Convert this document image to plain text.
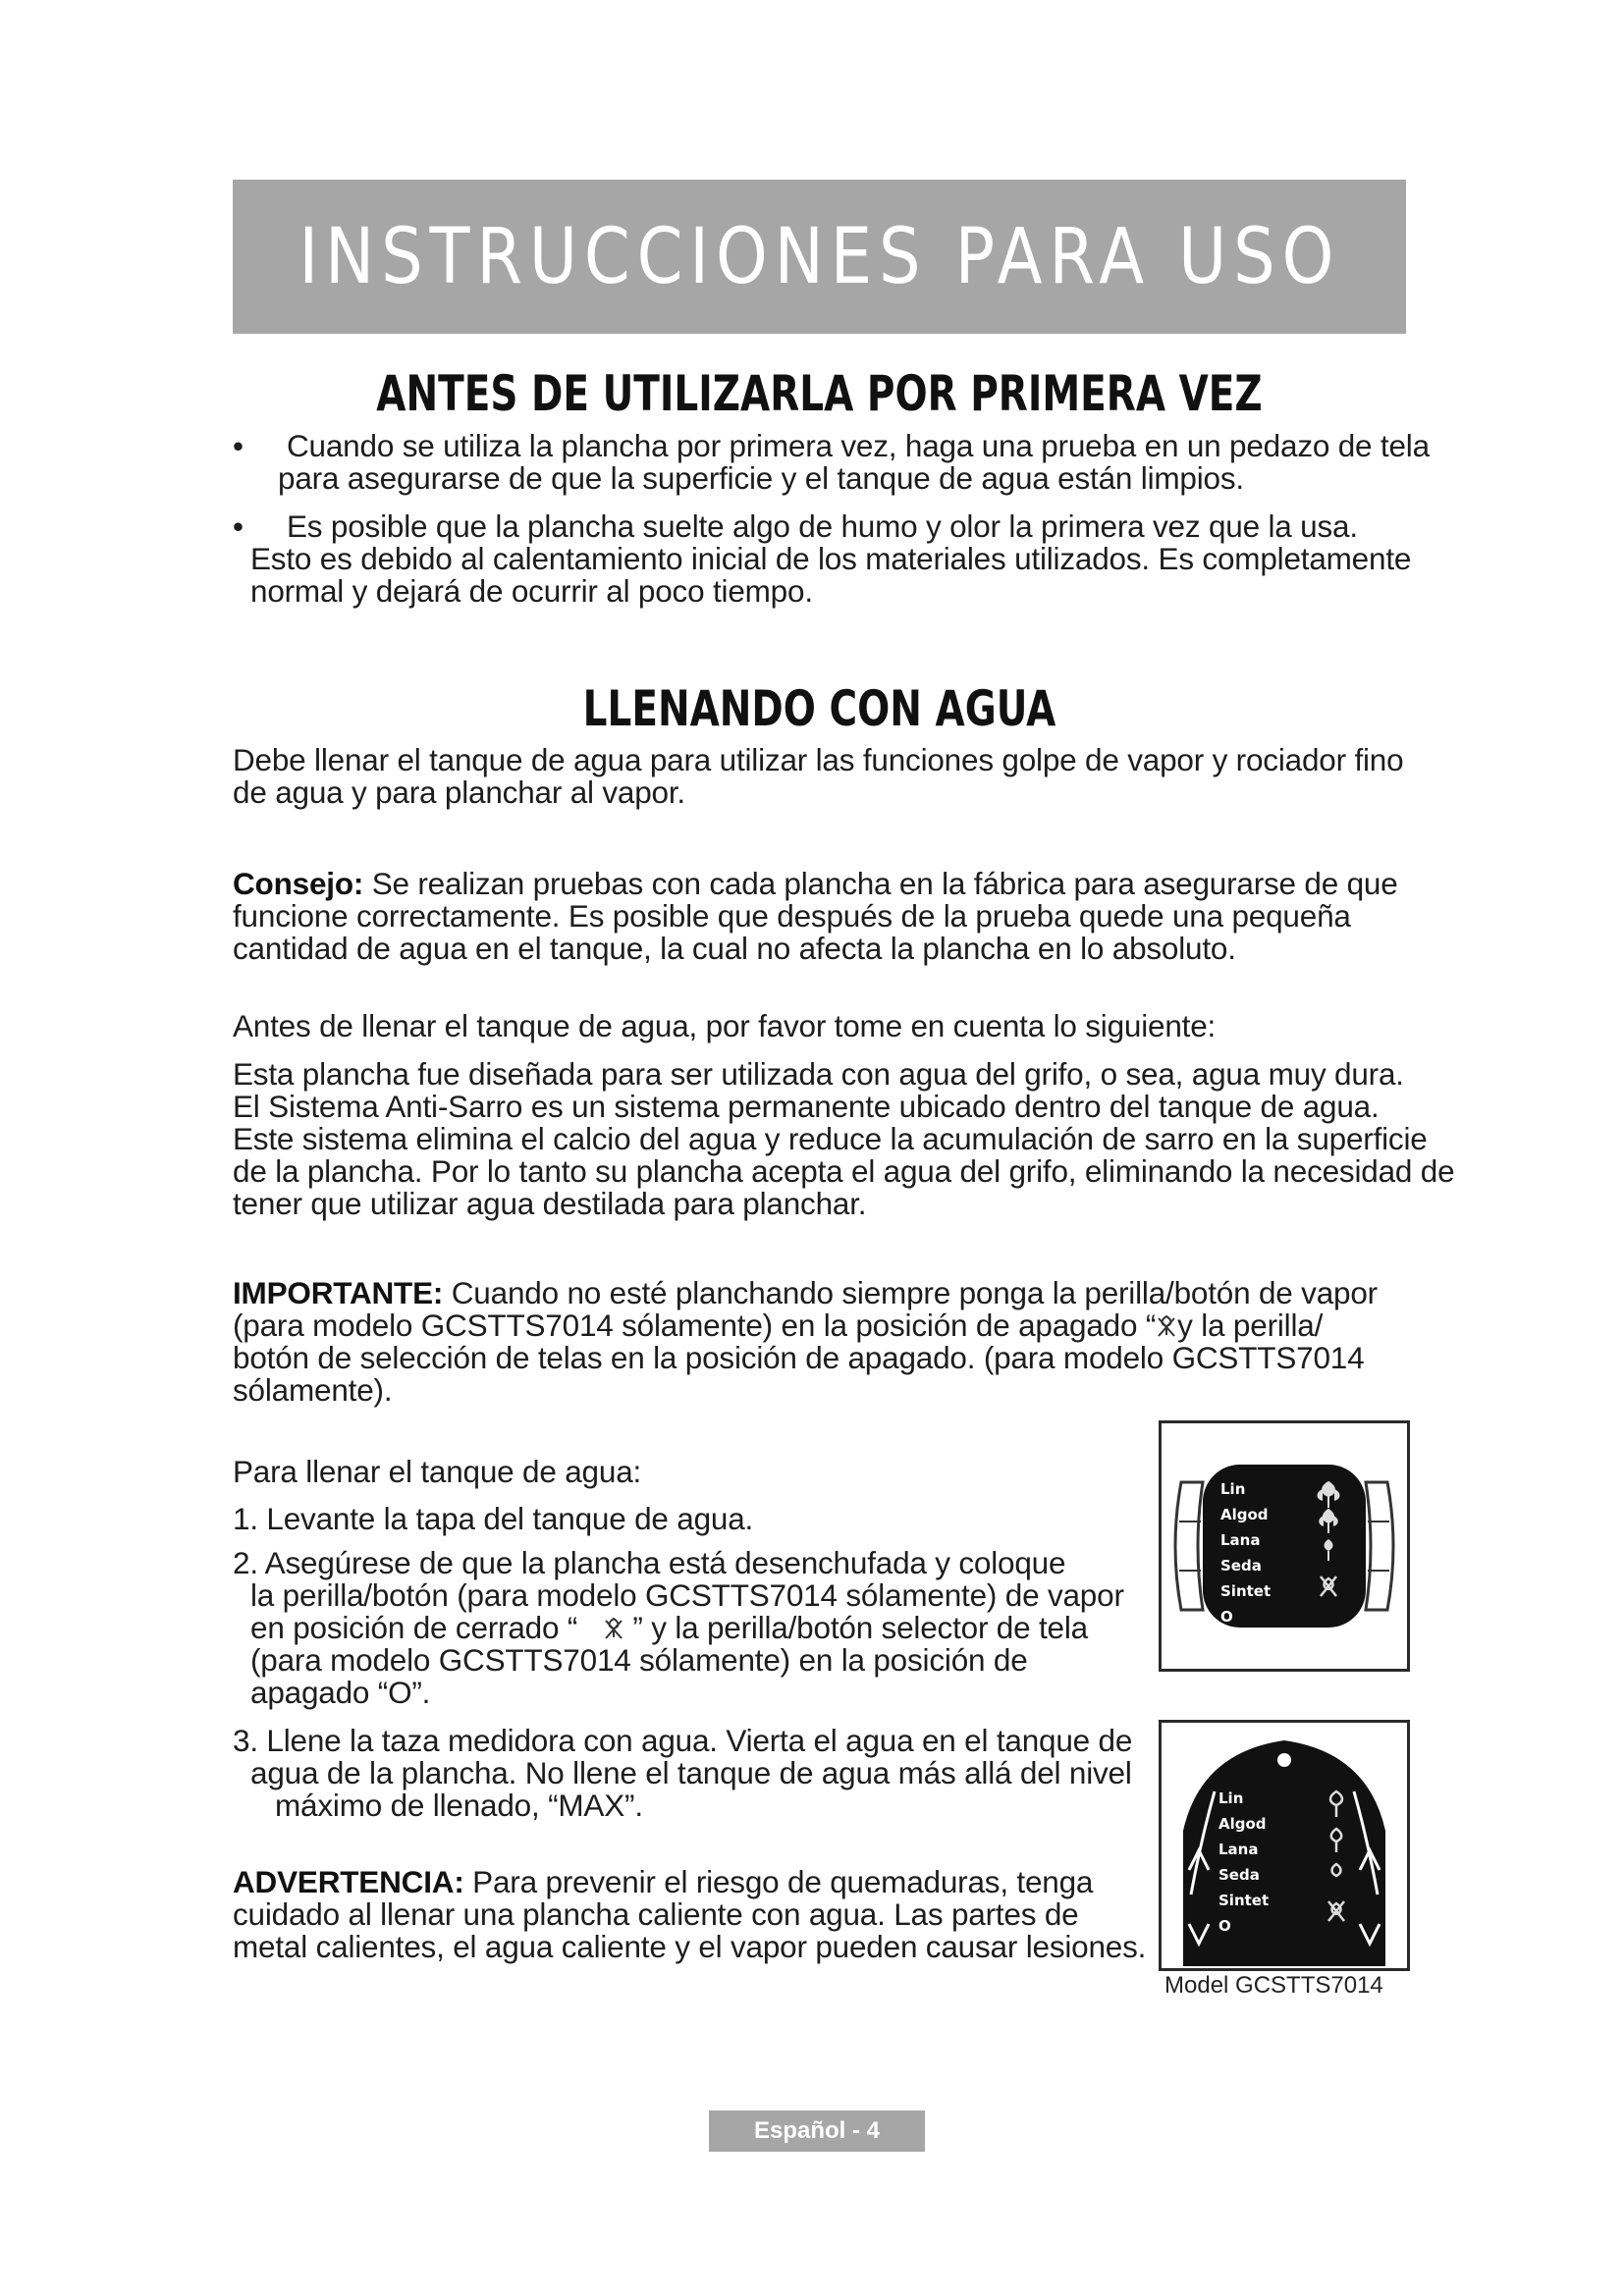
INSTRUCCIONES PARA USO
ANTES DE UTILIZARLA POR PRIMERA VEZ
• Cuando se utiliza la plancha por primera vez, haga una prueba en un pedazo de tela
para asegurarse de que la superficie y el tanque de agua están limpios.
• Es posible que la plancha suelte algo de humo y olor la primera vez que la usa.
Esto es debido al calentamiento inicial de los materiales utilizados. Es completamente
normal y dejará de ocurrir al poco tiempo.
LLENANDO CON AGUA
Debe llenar el tanque de agua para utilizar las funciones golpe de vapor y rociador fino
de agua y para planchar al vapor.
Consejo: Se realizan pruebas con cada plancha en la fábrica para asegurarse de que
funcione correctamente. Es posible que después de la prueba quede una pequeña
cantidad de agua en el tanque, la cual no afecta la plancha en lo absoluto.
Antes de llenar el tanque de agua, por favor tome en cuenta lo siguiente:
Esta plancha fue diseñada para ser utilizada con agua del grifo, o sea, agua muy dura.
El Sistema Anti-Sarro es un sistema permanente ubicado dentro del tanque de agua.
Este sistema elimina el calcio del agua y reduce la acumulación de sarro en la superficie
de la plancha. Por lo tanto su plancha acepta el agua del grifo, eliminando la necesidad de
tener que utilizar agua destilada para planchar.
IMPORTANTE: Cuando no esté planchando siempre ponga la perilla/botón de vapor
(para modelo GCSTTS7014 sólamente) en la posición de apagado “ y la perilla/
botón de selección de telas en la posición de apagado. (para modelo GCSTTS7014
sólamente).
Para llenar el tanque de agua:
1. Levante la tapa del tanque de agua.
2. Asegúrese de que la plancha está desenchufada y coloque
la perilla/botón (para modelo GCSTTS7014 sólamente) de vapor
en posición de cerrado “ ” y la perilla/botón selector de tela
(para modelo GCSTTS7014 sólamente) en la posición de
apagado “O”.
3. Llene la taza medidora con agua. Vierta el agua en el tanque de
agua de la plancha. No llene el tanque de agua más allá del nivel
máximo de llenado, “MAX”.
ADVERTENCIA: Para prevenir el riesgo de quemaduras, tenga
cuidado al llenar una plancha caliente con agua. Las partes de
metal calientes, el agua caliente y el vapor pueden causar lesiones.
Lin
Algod
Lana
Seda
Sintet
O
Lin
Algod
Lana
Seda
Sintet
O
Model GCSTTS7014
Español - 4
